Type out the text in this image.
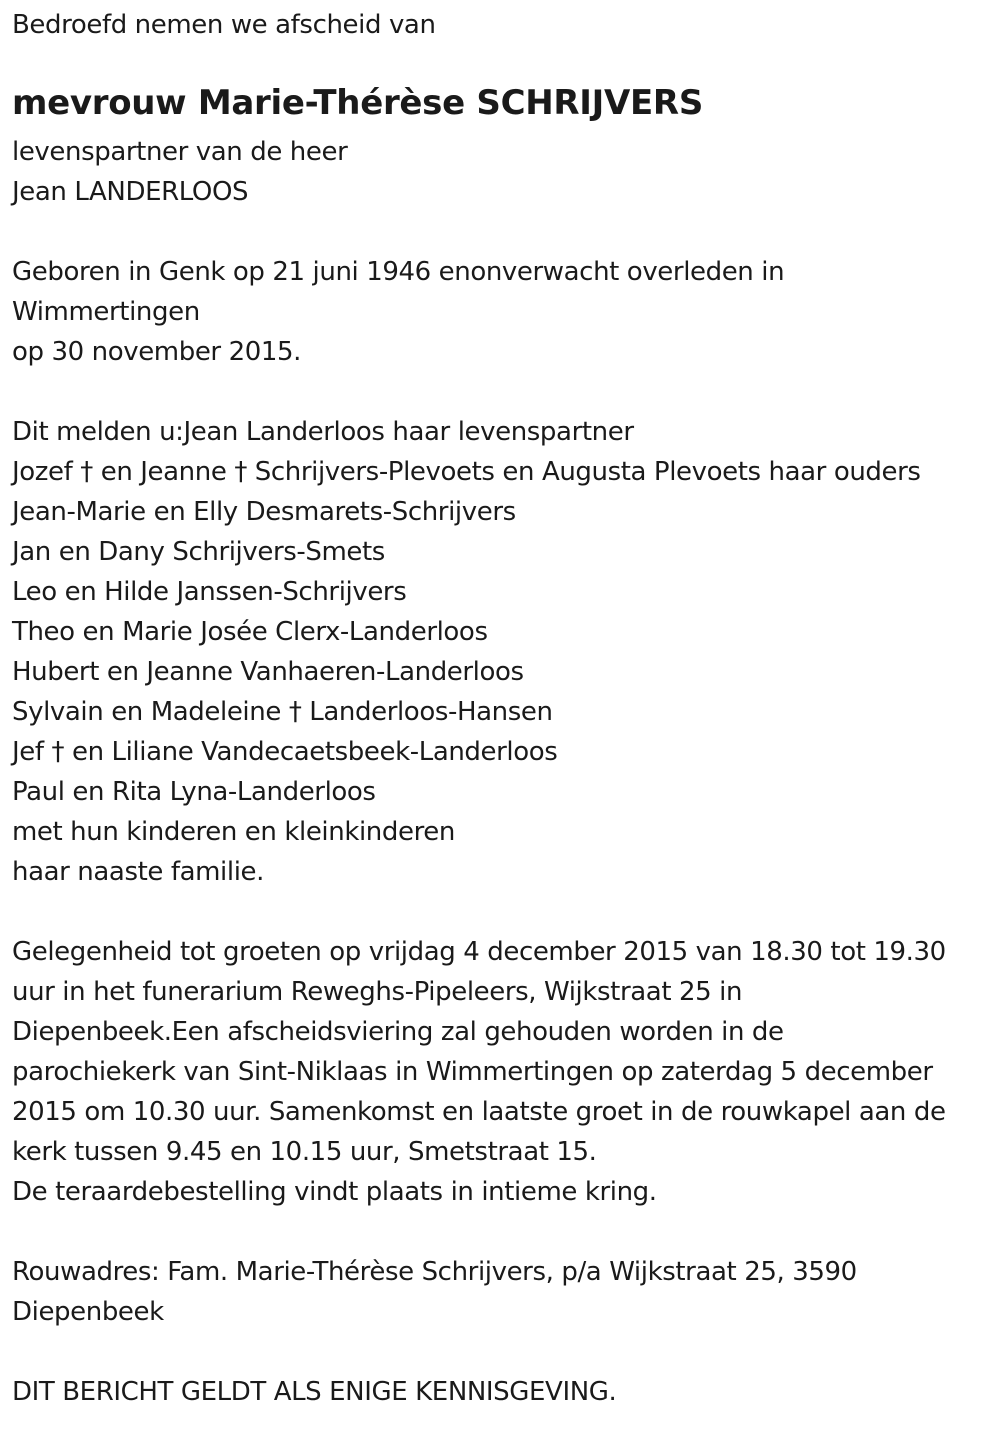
Bedroefd nemen we afscheid van
mevrouw Marie-Thérèse SCHRIJVERS
levenspartner van de heer
Jean LANDERLOOS
Geboren in Genk op 21 juni 1946 enonverwacht overleden in
Wimmertingen
op 30 november 2015.
Dit melden u:Jean Landerloos haar levenspartner
Jozef † en Jeanne † Schrijvers-Plevoets en Augusta Plevoets haar ouders
Jean-Marie en Elly Desmarets-Schrijvers
Jan en Dany Schrijvers-Smets
Leo en Hilde Janssen-Schrijvers
Theo en Marie Josée Clerx-Landerloos
Hubert en Jeanne Vanhaeren-Landerloos
Sylvain en Madeleine † Landerloos-Hansen
Jef † en Liliane Vandecaetsbeek-Landerloos
Paul en Rita Lyna-Landerloos
met hun kinderen en kleinkinderen
haar naaste familie.
Gelegenheid tot groeten op vrijdag 4 december 2015 van 18.30 tot 19.30
uur in het funerarium Reweghs-Pipeleers, Wijkstraat 25 in
Diepenbeek.Een afscheidsviering zal gehouden worden in de
parochiekerk van Sint-Niklaas in Wimmertingen op zaterdag 5 december
2015 om 10.30 uur. Samenkomst en laatste groet in de rouwkapel aan de
kerk tussen 9.45 en 10.15 uur, Smetstraat 15.
De teraardebestelling vindt plaats in intieme kring.
Rouwadres: Fam. Marie-Thérèse Schrijvers, p/a Wijkstraat 25, 3590
Diepenbeek
DIT BERICHT GELDT ALS ENIGE KENNISGEVING.
